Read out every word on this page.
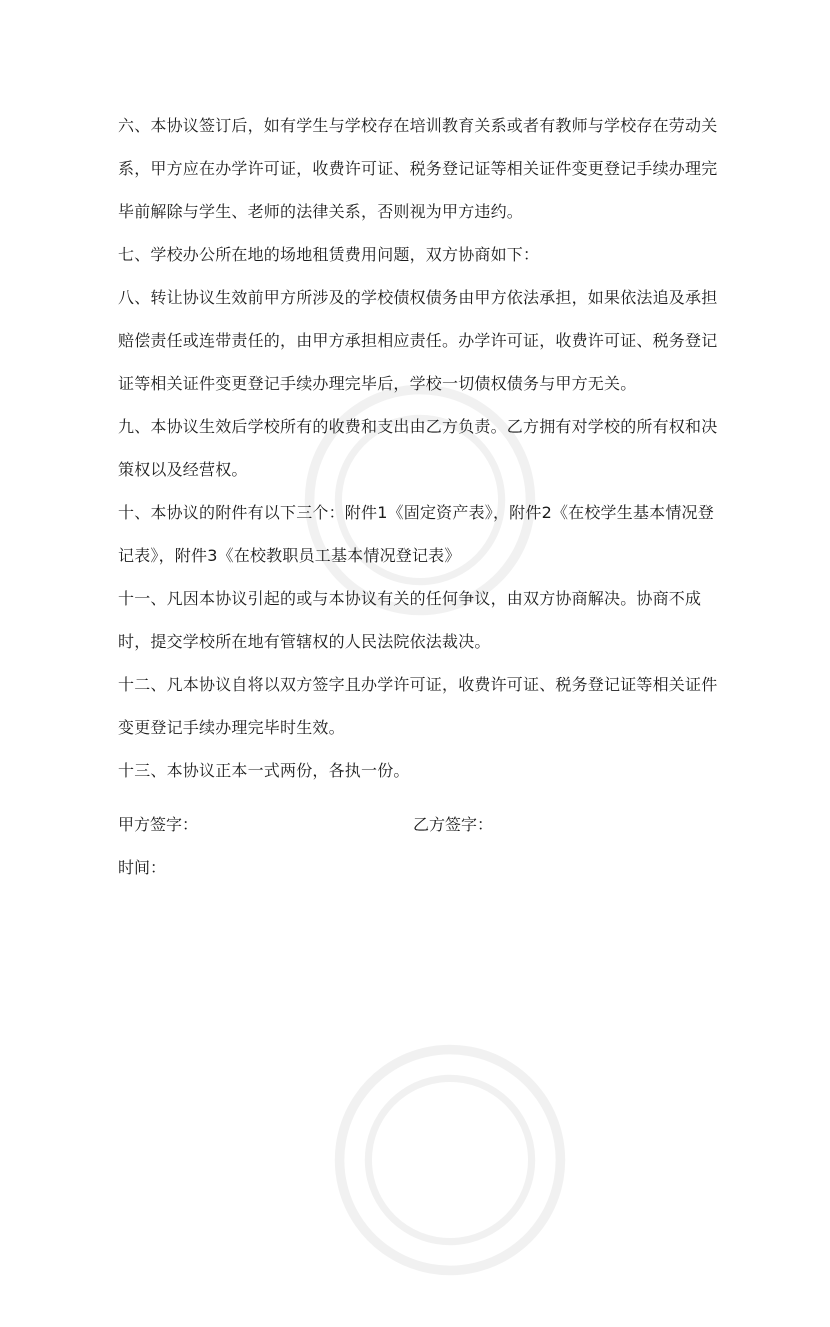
六、本协议签订后，如有学生与学校存在培训教育关系或者有教师与学校存在劳动关系，甲方应在办学许可证，收费许可证、税务登记证等相关证件变更登记手续办理完毕前解除与学生、老师的法律关系，否则视为甲方违约。

七、学校办公所在地的场地租赁费用问题，双方协商如下：

八、转让协议生效前甲方所涉及的学校债权债务由甲方依法承担，如果依法追及承担赔偿责任或连带责任的，由甲方承担相应责任。办学许可证，收费许可证、税务登记证等相关证件变更登记手续办理完毕后，学校一切债权债务与甲方无关。

九、本协议生效后学校所有的收费和支出由乙方负责。乙方拥有对学校的所有权和决策权以及经营权。

十、本协议的附件有以下三个：附件1《固定资产表》，附件2《在校学生基本情况登记表》，附件3《在校教职员工基本情况登记表》

十一、凡因本协议引起的或与本协议有关的任何争议，由双方协商解决。协商不成时，提交学校所在地有管辖权的人民法院依法裁决。

十二、凡本协议自将以双方签字且办学许可证，收费许可证、税务登记证等相关证件变更登记手续办理完毕时生效。

十三、本协议正本一式两份，各执一份。

甲方签字：	乙方签字：
时间：
